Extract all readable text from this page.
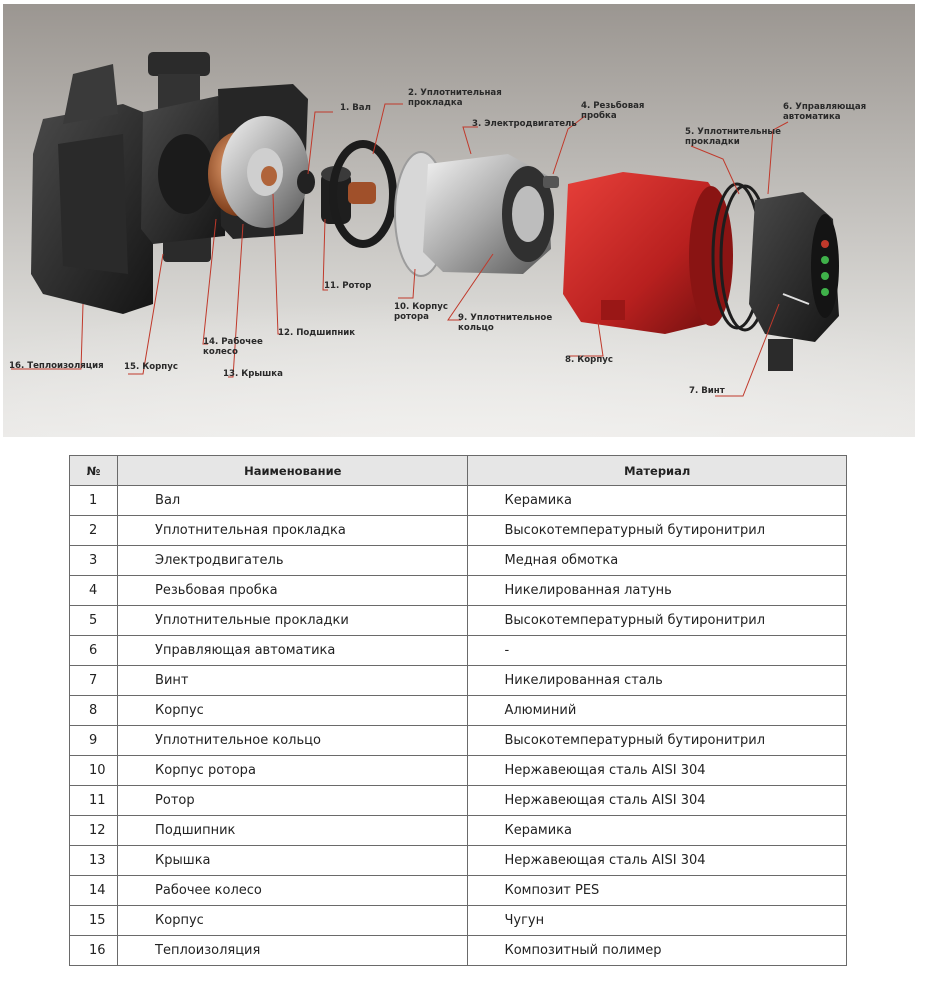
1. Вал
2. Уплотнительная
прокладка
3. Электродвигатель
4. Резьбовая
пробка
5. Уплотнительные
прокладки
6. Управляющая
автоматика
7. Винт
8. Корпус
9. Уплотнительное
кольцо
10. Корпус
ротора
11. Ротор
12. Подшипник
13. Крышка
14. Рабочее
колесо
15. Корпус
16. Теплоизоляция
№	Наименование	Материал
1	Вал	Керамика
2	Уплотнительная прокладка	Высокотемпературный бутиронитрил
3	Электродвигатель	Медная обмотка
4	Резьбовая пробка	Никелированная латунь
5	Уплотнительные прокладки	Высокотемпературный бутиронитрил
6	Управляющая автоматика	-
7	Винт	Никелированная сталь
8	Корпус	Алюминий
9	Уплотнительное кольцо	Высокотемпературный бутиронитрил
10	Корпус ротора	Нержавеющая сталь AISI 304
11	Ротор	Нержавеющая сталь AISI 304
12	Подшипник	Керамика
13	Крышка	Нержавеющая сталь AISI 304
14	Рабочее колесо	Композит PES
15	Корпус	Чугун
16	Теплоизоляция	Композитный полимер
